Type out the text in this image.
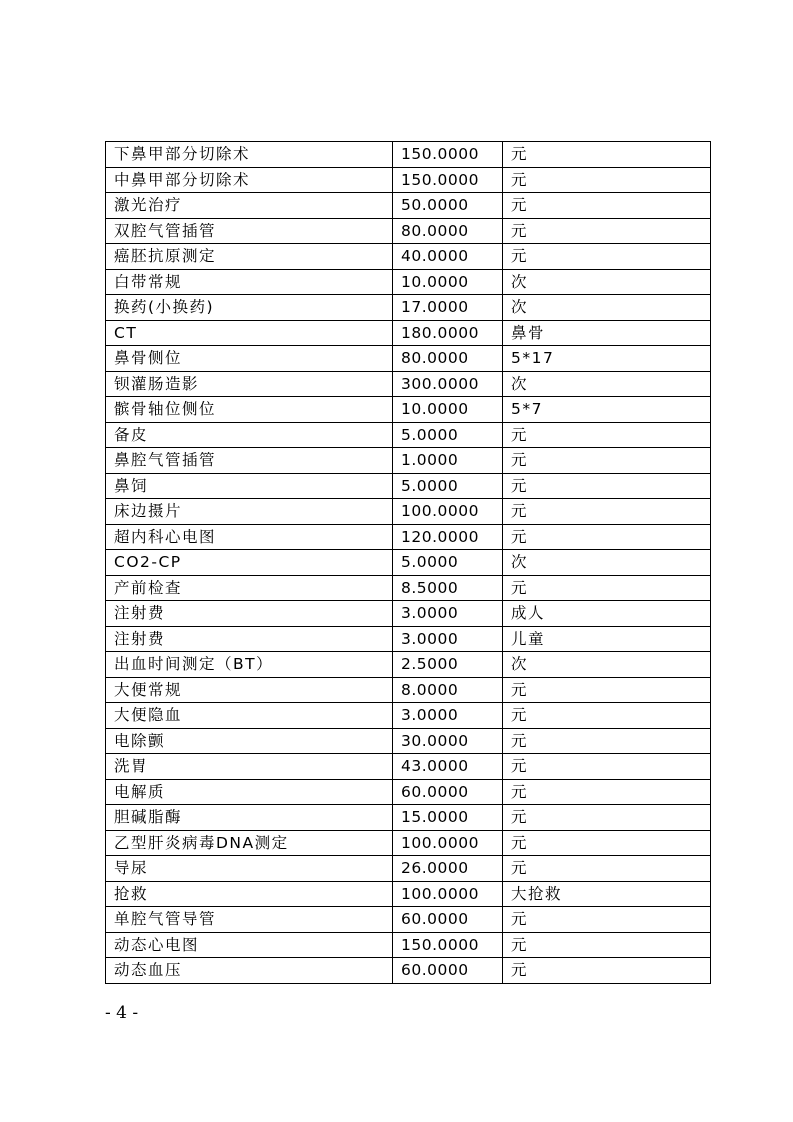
下鼻甲部分切除术	150.0000	元
中鼻甲部分切除术	150.0000	元
激光治疗	50.0000	元
双腔气管插管	80.0000	元
癌胚抗原测定	40.0000	元
白带常规	10.0000	次
换药(小换药)	17.0000	次
CT	180.0000	鼻骨
鼻骨侧位	80.0000	5*17
钡灌肠造影	300.0000	次
髌骨轴位侧位	10.0000	5*7
备皮	5.0000	元
鼻腔气管插管	1.0000	元
鼻饲	5.0000	元
床边摄片	100.0000	元
超内科心电图	120.0000	元
CO2-CP	5.0000	次
产前检查	8.5000	元
注射费	3.0000	成人
注射费	3.0000	儿童
出血时间测定（BT）	2.5000	次
大便常规	8.0000	元
大便隐血	3.0000	元
电除颤	30.0000	元
洗胃	43.0000	元
电解质	60.0000	元
胆碱脂酶	15.0000	元
乙型肝炎病毒DNA测定	100.0000	元
导尿	26.0000	元
抢救	100.0000	大抢救
单腔气管导管	60.0000	元
动态心电图	150.0000	元
动态血压	60.0000	元
- 4 -
